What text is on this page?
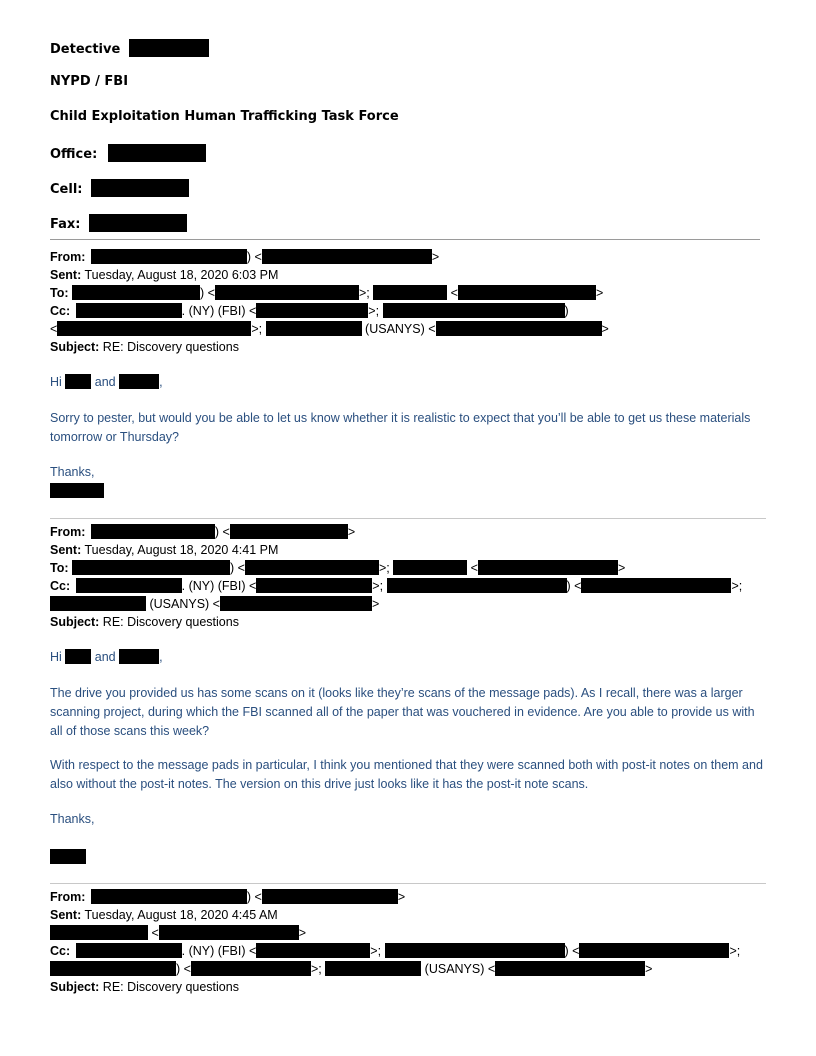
Detective
NYPD / FBI
Child Exploitation Human Trafficking Task Force
Office:
Cell:
Fax:
From:	) <	>
Sent: Tuesday, August 18, 2020 6:03 PM
To:	) <	>;	<	>
Cc:	. (NY) (FBI) <	>;	)
<	>;	(USANYS) <	>
Subject: RE: Discovery questions
Hi	and	,

Sorry to pester, but would you be able to let us know whether it is realistic to expect that you’ll be able to get us these materials tomorrow or Thursday?

Thanks,
From:	) <	>
Sent: Tuesday, August 18, 2020 4:41 PM
To:	) <	>;	<	>
Cc:	. (NY) (FBI) <	>;	) <	>;
(USANYS) <	>
Subject: RE: Discovery questions
Hi	and	,

The drive you provided us has some scans on it (looks like they’re scans of the message pads). As I recall, there was a larger scanning project, during which the FBI scanned all of the paper that was vouchered in evidence. Are you able to provide us with all of those scans this week?

With respect to the message pads in particular, I think you mentioned that they were scanned both with post-it notes on them and also without the post-it notes. The version on this drive just looks like it has the post-it note scans.

Thanks,
From:	) <	>
Sent: Tuesday, August 18, 2020 4:45 AM
<	>
Cc:	. (NY) (FBI) <	>;	) <	>;
) <	>;	(USANYS) <	>
Subject: RE: Discovery questions
